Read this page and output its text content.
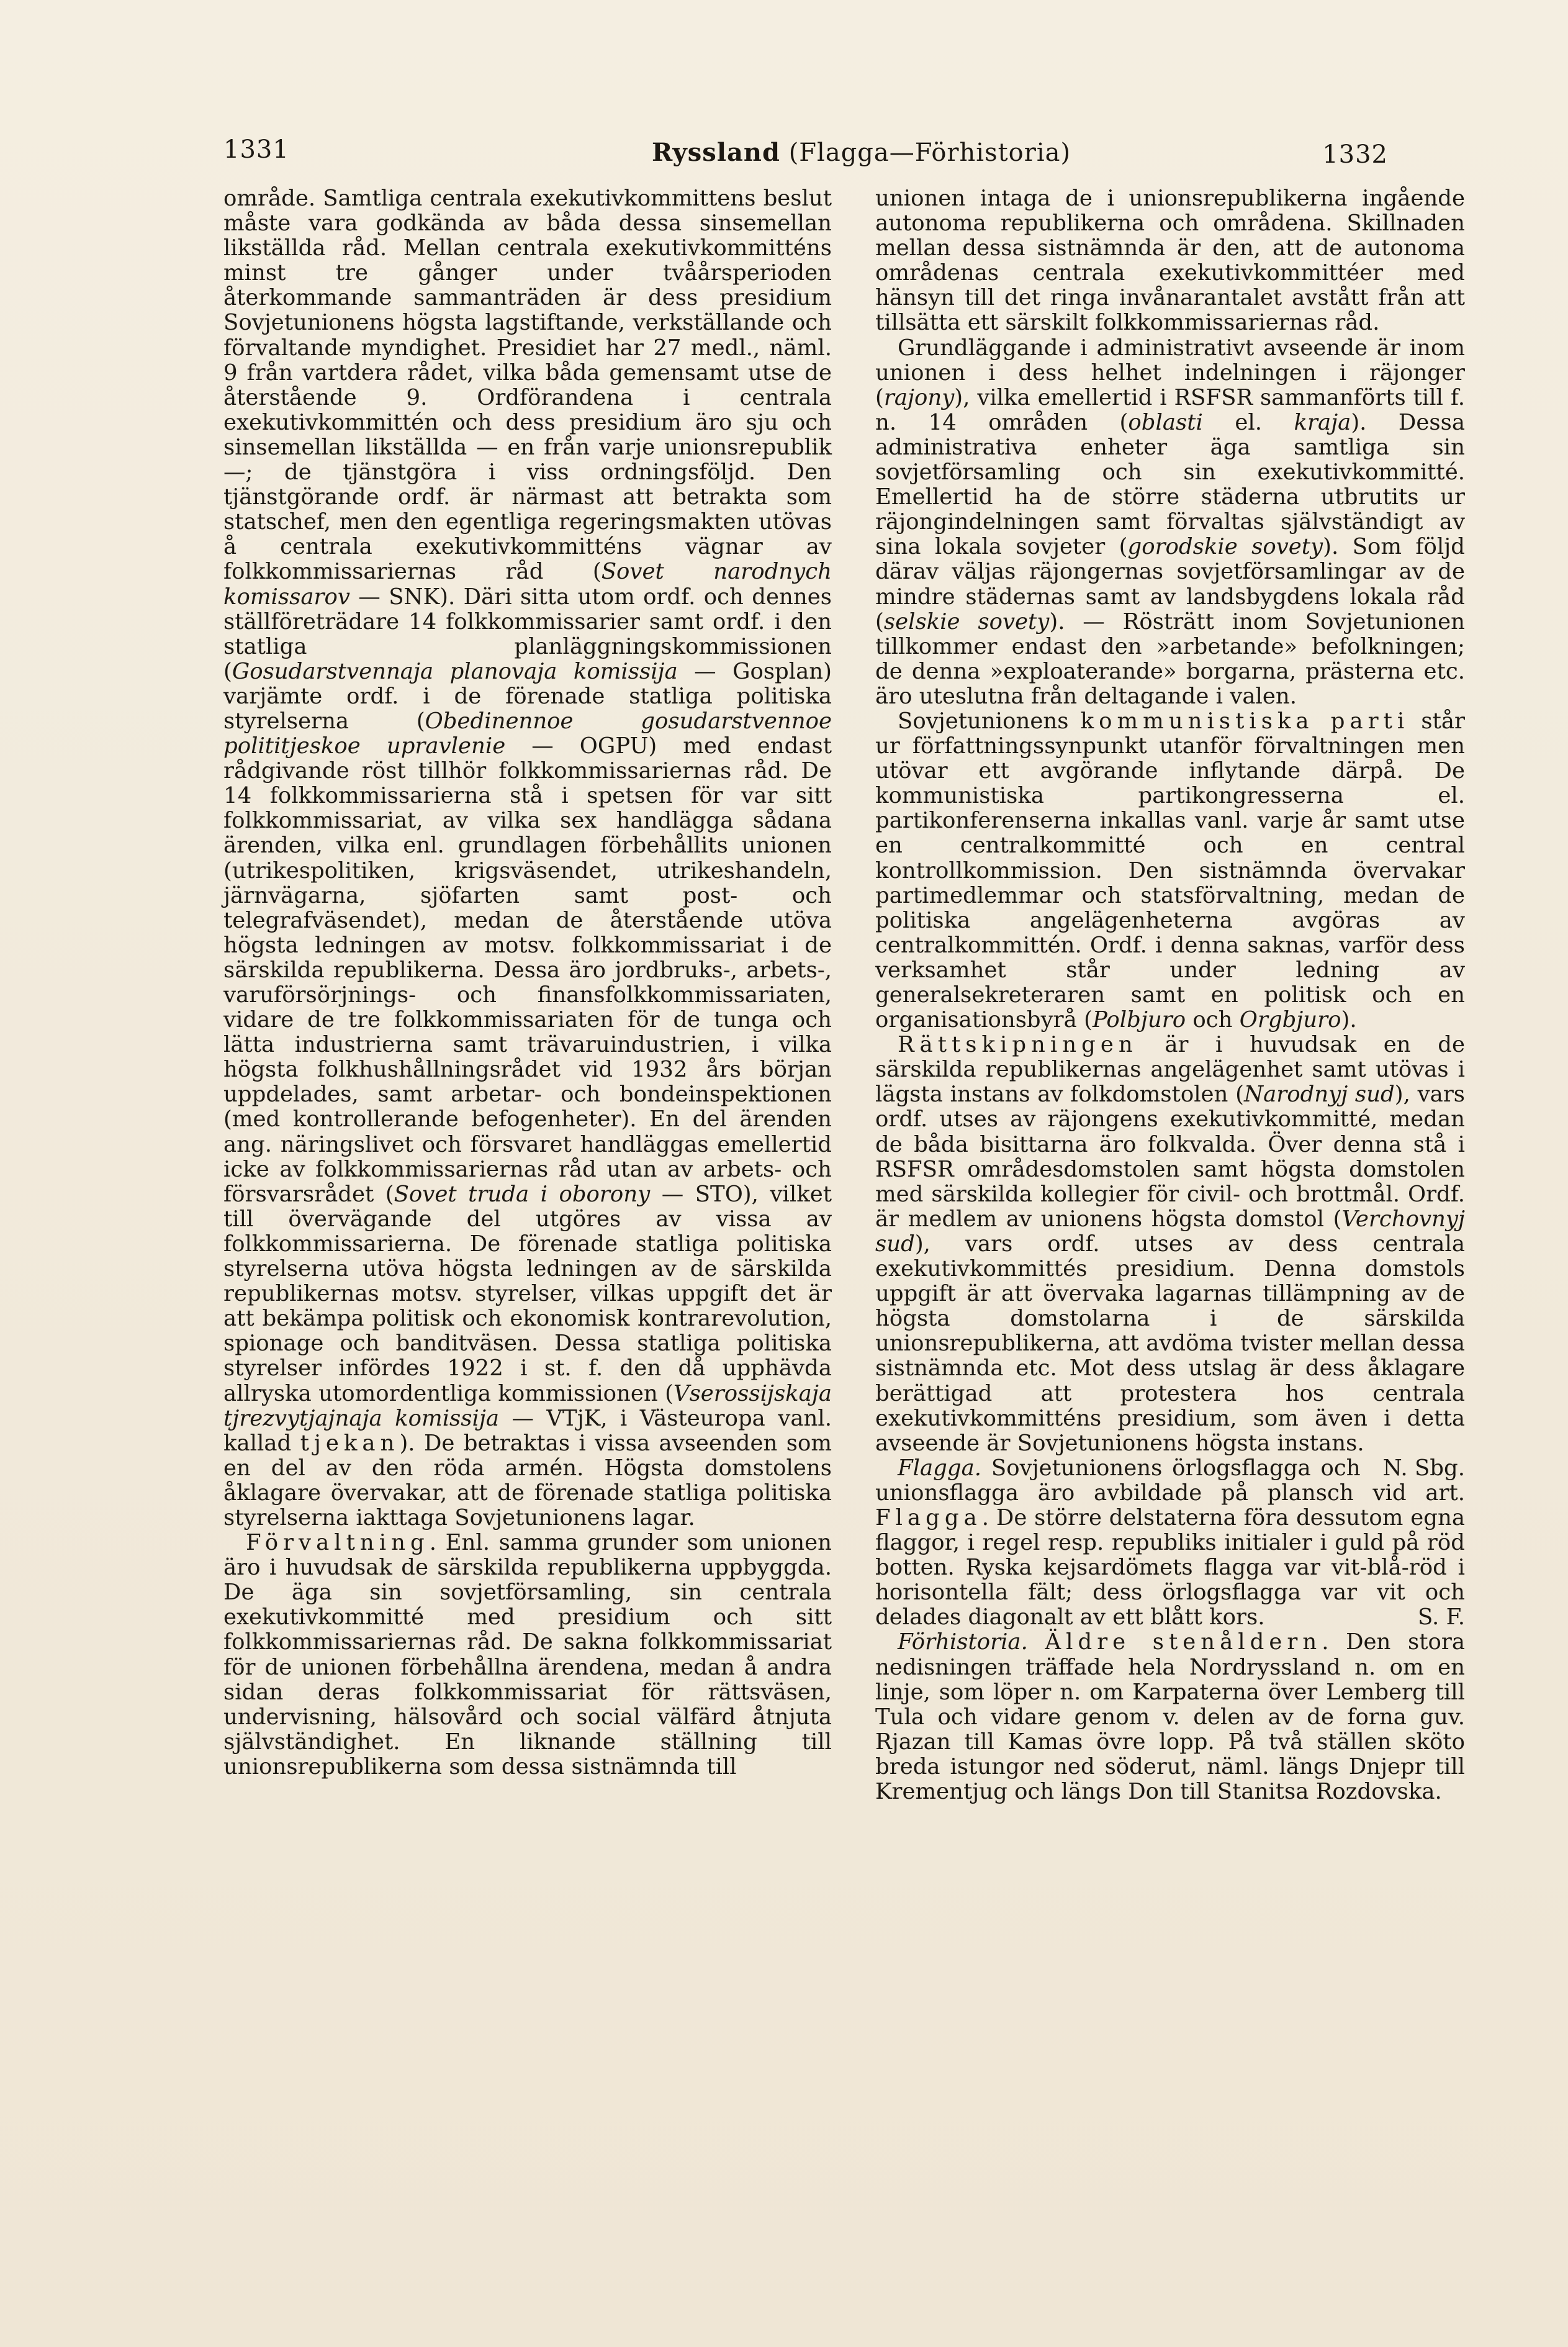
1331	Ryssland (Flagga—Förhistoria)	1332

område. Samtliga centrala exekutivkommittens beslut måste vara godkända av båda dessa sinsemellan likställda råd. Mellan centrala exekutivkommitténs minst tre gånger under tvåårsperioden återkommande sammanträden är dess presidium Sovjetunionens högsta lagstiftande, verkställande och förvaltande myndighet. Presidiet har 27 medl., näml. 9 från vartdera rådet, vilka båda gemensamt utse de återstående 9. Ordförandena i centrala exekutivkommittén och dess presidium äro sju och sinsemellan likställda — en från varje unionsrepublik —; de tjänstgöra i viss ordningsföljd. Den tjänstgörande ordf. är närmast att betrakta som statschef, men den egentliga regeringsmakten utövas å centrala exekutivkommitténs vägnar av folkkommissariernas råd (Sovet narodnych komissarov — SNK). Däri sitta utom ordf. och dennes ställföreträdare 14 folkkommissarier samt ordf. i den statliga planläggningskommissionen (Gosudarstvennaja planovaja komissija — Gosplan) varjämte ordf. i de förenade statliga politiska styrelserna (Obedinennoe gosudarstvennoe polititjeskoe upravlenie — OGPU) med endast rådgivande röst tillhör folkkommissariernas råd. De 14 folkkommissarierna stå i spetsen för var sitt folkkommissariat, av vilka sex handlägga sådana ärenden, vilka enl. grundlagen förbehållits unionen (utrikespolitiken, krigsväsendet, utrikeshandeln, järnvägarna, sjöfarten samt post- och telegrafväsendet), medan de återstående utöva högsta ledningen av motsv. folkkommissariat i de särskilda republikerna. Dessa äro jordbruks-, arbets-, varuförsörjnings- och finansfolkkommissariaten, vidare de tre folkkommissariaten för de tunga och lätta industrierna samt trävaruindustrien, i vilka högsta folkhushållningsrådet vid 1932 års början uppdelades, samt arbetar- och bondeinspektionen (med kontrollerande befogenheter). En del ärenden ang. näringslivet och försvaret handläggas emellertid icke av folkkommissariernas råd utan av arbets- och försvarsrådet (Sovet truda i oborony — STO), vilket till övervägande del utgöres av vissa av folkkommissarierna. De förenade statliga politiska styrelserna utöva högsta ledningen av de särskilda republikernas motsv. styrelser, vilkas uppgift det är att bekämpa politisk och ekonomisk kontrarevolution, spionage och banditväsen. Dessa statliga politiska styrelser infördes 1922 i st. f. den då upphävda allryska utomordentliga kommissionen (Vserossijskaja tjrezvytjajnaja komissija — VTjK, i Västeuropa vanl. kallad tjekan). De betraktas i vissa avseenden som en del av den röda armén. Högsta domstolens åklagare övervakar, att de förenade statliga politiska styrelserna iakttaga Sovjetunionens lagar.

Förvaltning. Enl. samma grunder som unionen äro i huvudsak de särskilda republikerna uppbyggda. De äga sin sovjetförsamling, sin centrala exekutivkommitté med presidium och sitt folkkommissariernas råd. De sakna folkkommissariat för de unionen förbehållna ärendena, medan å andra sidan deras folkkommissariat för rättsväsen, undervisning, hälsovård och social välfärd åtnjuta självständighet. En liknande ställning till unionsrepublikerna som dessa sistnämnda till

unionen intaga de i unionsrepublikerna ingående autonoma republikerna och områdena. Skillnaden mellan dessa sistnämnda är den, att de autonoma områdenas centrala exekutivkommittéer med hänsyn till det ringa invånarantalet avstått från att tillsätta ett särskilt folkkommissariernas råd.

Grundläggande i administrativt avseende är inom unionen i dess helhet indelningen i räjonger (rajony), vilka emellertid i RSFSR sammanförts till f. n. 14 områden (oblasti el. kraja). Dessa administrativa enheter äga samtliga sin sovjetförsamling och sin exekutivkommitté. Emellertid ha de större städerna utbrutits ur räjongindelningen samt förvaltas självständigt av sina lokala sovjeter (gorodskie sovety). Som följd därav väljas räjongernas sovjetförsamlingar av de mindre städernas samt av landsbygdens lokala råd (selskie sovety). — Rösträtt inom Sovjetunionen tillkommer endast den »arbetande» befolkningen; de denna »exploaterande» borgarna, prästerna etc. äro uteslutna från deltagande i valen.

Sovjetunionens kommunistiska parti står ur författningssynpunkt utanför förvaltningen men utövar ett avgörande inflytande därpå. De kommunistiska partikongresserna el. partikonferenserna inkallas vanl. varje år samt utse en centralkommitté och en central kontrollkommission. Den sistnämnda övervakar partimedlemmar och statsförvaltning, medan de politiska angelägenheterna avgöras av centralkommittén. Ordf. i denna saknas, varför dess verksamhet står under ledning av generalsekreteraren samt en politisk och en organisationsbyrå (Polbjuro och Orgbjuro).

Rättskipningen är i huvudsak en de särskilda republikernas angelägenhet samt utövas i lägsta instans av folkdomstolen (Narodnyj sud), vars ordf. utses av räjongens exekutivkommitté, medan de båda bisittarna äro folkvalda. Över denna stå i RSFSR områdesdomstolen samt högsta domstolen med särskilda kollegier för civil- och brottmål. Ordf. är medlem av unionens högsta domstol (Verchovnyj sud), vars ordf. utses av dess centrala exekutivkommittés presidium. Denna domstols uppgift är att övervaka lagarnas tillämpning av de högsta domstolarna i de särskilda unionsrepublikerna, att avdöma tvister mellan dessa sistnämnda etc. Mot dess utslag är dess åklagare berättigad att protestera hos centrala exekutivkommitténs presidium, som även i detta avseende är Sovjetunionens högsta instans.
N. Sbg.

Flagga. Sovjetunionens örlogsflagga och unionsflagga äro avbildade på plansch vid art. Flagga. De större delstaterna föra dessutom egna flaggor, i regel resp. republiks initialer i guld på röd botten. Ryska kejsardömets flagga var vit-blå-röd i horisontella fält; dess örlogsflagga var vit och delades diagonalt av ett blått kors.	S. F.

Förhistoria. Äldre stenåldern. Den stora nedisningen träffade hela Nordryssland n. om en linje, som löper n. om Karpaterna över Lemberg till Tula och vidare genom v. delen av de forna guv. Rjazan till Kamas övre lopp. På två ställen sköto breda istungor ned söderut, näml. längs Dnjepr till Krementjug och längs Don till Stanitsa Rozdovska.
